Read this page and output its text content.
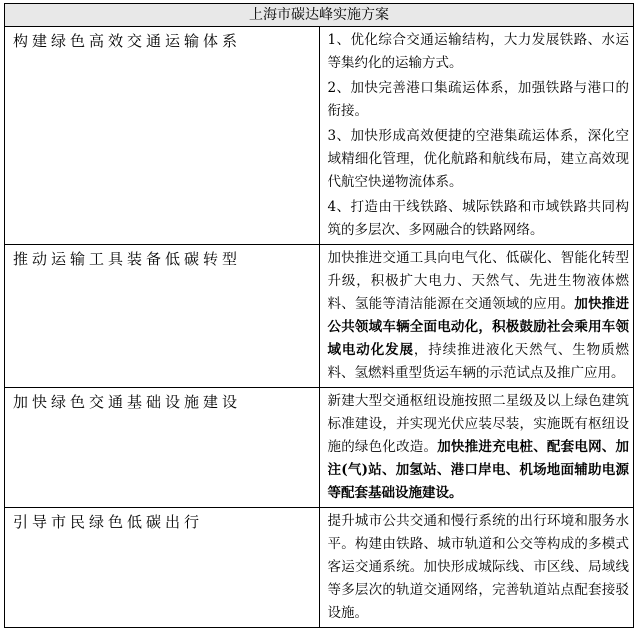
上海市碳达峰实施方案	
构建绿色高效交通运输体系	1、优化综合交通运输结构，大力发展铁路、水运等集约化的运输方式。

2、加快完善港口集疏运体系，加强铁路与港口的衔接。

3、加快形成高效便捷的空港集疏运体系，深化空域精细化管理，优化航路和航线布局，建立高效现代航空快递物流体系。

4、打造由干线铁路、城际铁路和市域铁路共同构筑的多层次、多网融合的铁路网络。

推动运输工具装备低碳转型	加快推进交通工具向电气化、低碳化、智能化转型升级，积极扩大电力、天然气、先进生物液体燃料、氢能等清洁能源在交通领域的应用。加快推进公共领域车辆全面电动化，积极鼓励社会乘用车领域电动化发展，持续推进液化天然气、生物质燃料、氢燃料重型货运车辆的示范试点及推广应用。
加快绿色交通基础设施建设	新建大型交通枢纽设施按照二星级及以上绿色建筑标准建设，并实现光伏应装尽装，实施既有枢纽设施的绿色化改造。加快推进充电桩、配套电网、加注(气)站、加氢站、港口岸电、机场地面辅助电源等配套基础设施建设。
引导市民绿色低碳出行	提升城市公共交通和慢行系统的出行环境和服务水平。构建由铁路、城市轨道和公交等构成的多模式客运交通系统。加快形成城际线、市区线、局域线等多层次的轨道交通网络，完善轨道站点配套接驳设施。
